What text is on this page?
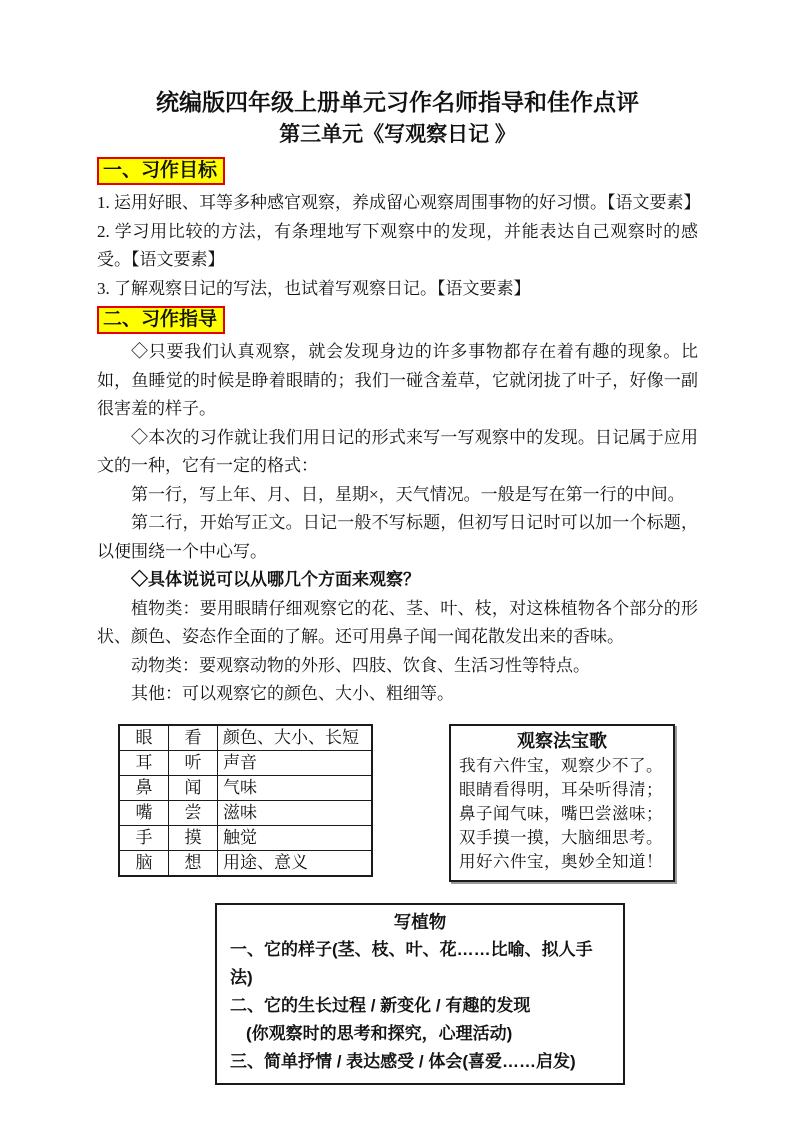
统编版四年级上册单元习作名师指导和佳作点评
第三单元《写观察日记 》
一、习作目标

1. 运用好眼、耳等多种感官观察，养成留心观察周围事物的好习惯。【语文要素】

2. 学习用比较的方法，有条理地写下观察中的发现，并能表达自己观察时的感受。【语文要素】

3. 了解观察日记的写法，也试着写观察日记。【语文要素】

二、习作指导

◇只要我们认真观察，就会发现身边的许多事物都存在着有趣的现象。比如，鱼睡觉的时候是睁着眼睛的；我们一碰含羞草，它就闭拢了叶子，好像一副很害羞的样子。

◇本次的习作就让我们用日记的形式来写一写观察中的发现。日记属于应用文的一种，它有一定的格式：

第一行，写上年、月、日，星期×，天气情况。一般是写在第一行的中间。

第二行，开始写正文。日记一般不写标题，但初写日记时可以加一个标题，以便围绕一个中心写。

◇具体说说可以从哪几个方面来观察？

植物类：要用眼睛仔细观察它的花、茎、叶、枝，对这株植物各个部分的形状、颜色、姿态作全面的了解。还可用鼻子闻一闻花散发出来的香味。

动物类：要观察动物的外形、四肢、饮食、生活习性等特点。

其他：可以观察它的颜色、大小、粗细等。

眼	看	颜色、大小、长短
耳	听	声音
鼻	闻	气味
嘴	尝	滋味
手	摸	触觉
脑	想	用途、意义
观察法宝歌
我有六件宝，观察少不了。
眼睛看得明，耳朵听得清；
鼻子闻气味，嘴巴尝滋味；
双手摸一摸，大脑细思考。
用好六件宝，奥妙全知道！
写植物
一、它的样子(茎、枝、叶、花……比喻、拟人手法)
二、它的生长过程 / 新变化 / 有趣的发现
(你观察时的思考和探究，心理活动)
三、简单抒情 / 表达感受 / 体会(喜爱……启发)
